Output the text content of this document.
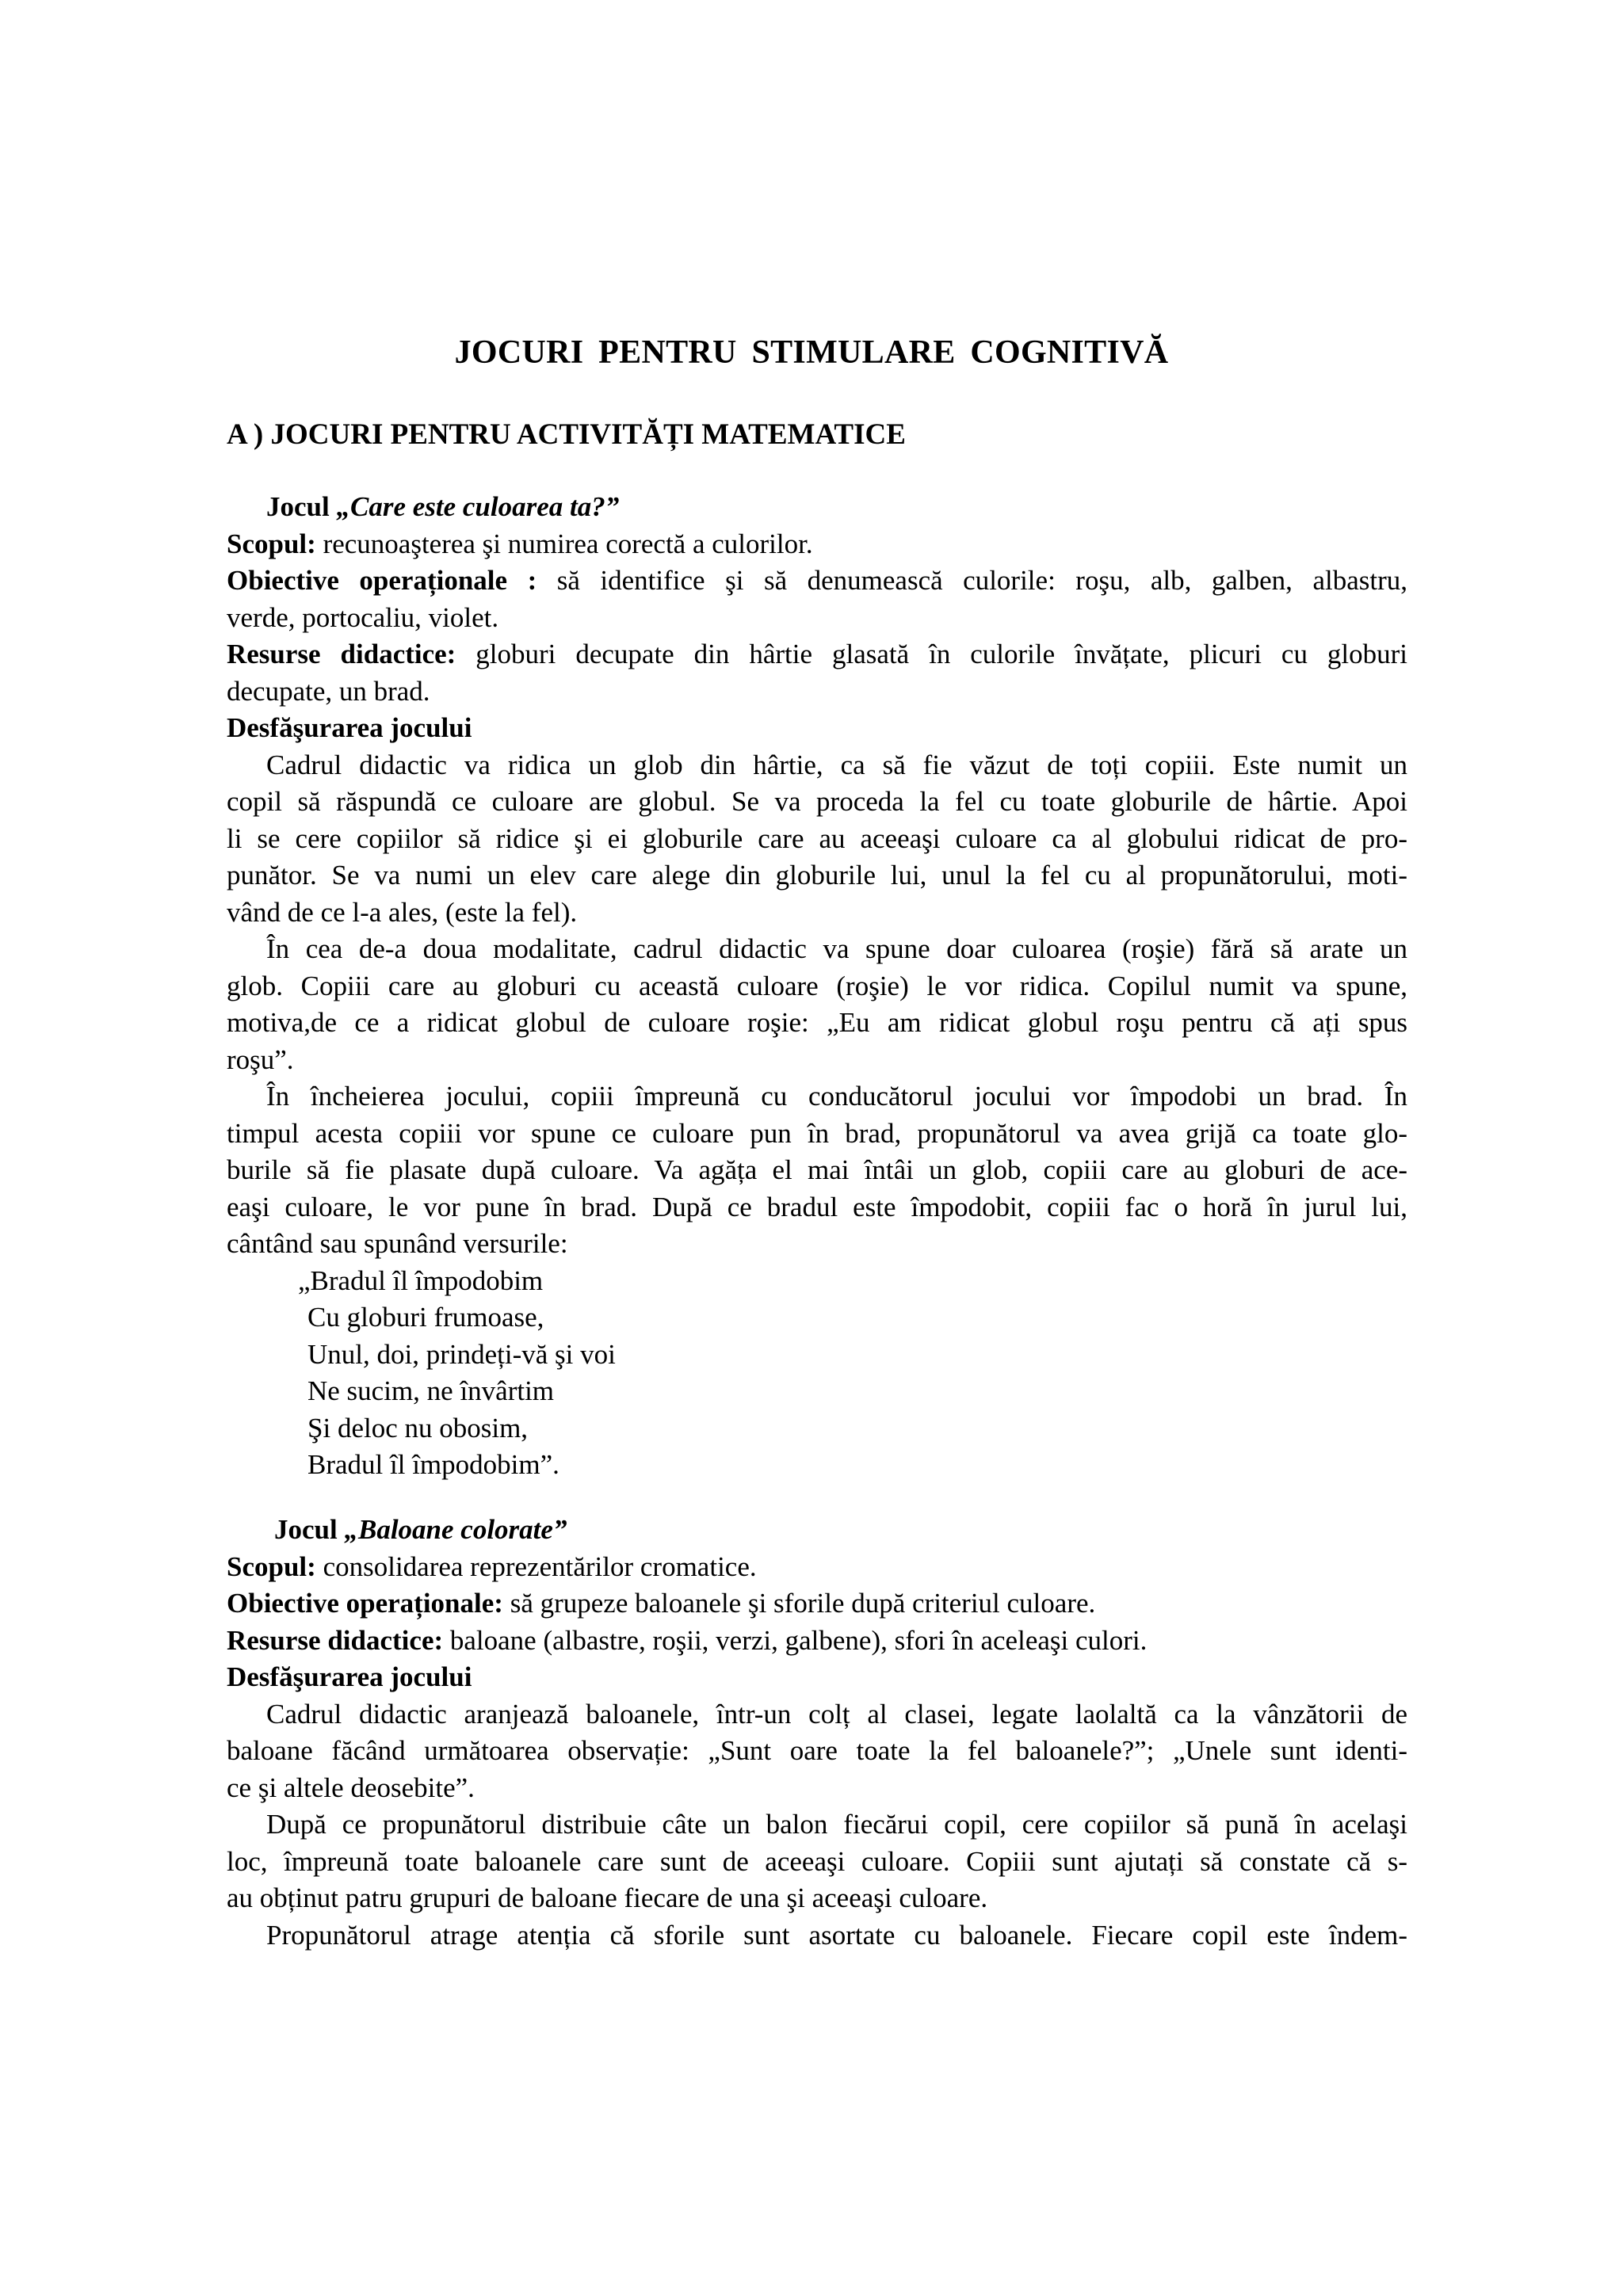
JOCURI PENTRU STIMULARE COGNITIVĂ
A ) JOCURI PENTRU ACTIVITĂȚI MATEMATICE
Jocul „Care este culoarea ta?”
Scopul: recunoaşterea şi numirea corectă a culorilor.
Obiective operaționale : să identifice şi să denumească culorile: roşu, alb, galben, albastru,
verde, portocaliu, violet.
Resurse didactice: globuri decupate din hârtie glasată în culorile învățate, plicuri cu globuri
decupate, un brad.
Desfăşurarea jocului
Cadrul didactic va ridica un glob din hârtie, ca să fie văzut de toți copiii. Este numit un
copil să răspundă ce culoare are globul. Se va proceda la fel cu toate globurile de hârtie. Apoi
li se cere copiilor să ridice şi ei globurile care au aceeaşi culoare ca al globului ridicat de pro-
punător. Se va numi un elev care alege din globurile lui, unul la fel cu al propunătorului, moti-
vând de ce l-a ales, (este la fel).
În cea de-a doua modalitate, cadrul didactic va spune doar culoarea (roşie) fără să arate un
glob. Copiii care au globuri cu această culoare (roşie) le vor ridica. Copilul numit va spune,
motiva,de ce a ridicat globul de culoare roşie: „Eu am ridicat globul roşu pentru că ați spus
roşu”.
În încheierea jocului, copiii împreună cu conducătorul jocului vor împodobi un brad. În
timpul acesta copiii vor spune ce culoare pun în brad, propunătorul va avea grijă ca toate glo-
burile să fie plasate după culoare. Va agăța el mai întâi un glob, copiii care au globuri de ace-
eaşi culoare, le vor pune în brad. După ce bradul este împodobit, copiii fac o horă în jurul lui,
cântând sau spunând versurile:
„Bradul îl împodobim
Cu globuri frumoase,
Unul, doi, prindeți-vă şi voi
Ne sucim, ne învârtim
Şi deloc nu obosim,
Bradul îl împodobim”.
Jocul „Baloane colorate”
Scopul: consolidarea reprezentărilor cromatice.
Obiective operaționale: să grupeze baloanele şi sforile după criteriul culoare.
Resurse didactice: baloane (albastre, roşii, verzi, galbene), sfori în aceleaşi culori.
Desfăşurarea jocului
Cadrul didactic aranjează baloanele, într-un colț al clasei, legate laolaltă ca la vânzătorii de
baloane făcând următoarea observație: „Sunt oare toate la fel baloanele?”; „Unele sunt identi-
ce şi altele deosebite”.
După ce propunătorul distribuie câte un balon fiecărui copil, cere copiilor să pună în acelaşi
loc, împreună toate baloanele care sunt de aceeaşi culoare. Copiii sunt ajutați să constate că s-
au obținut patru grupuri de baloane fiecare de una şi aceeaşi culoare.
Propunătorul atrage atenția că sforile sunt asortate cu baloanele. Fiecare copil este îndem-
